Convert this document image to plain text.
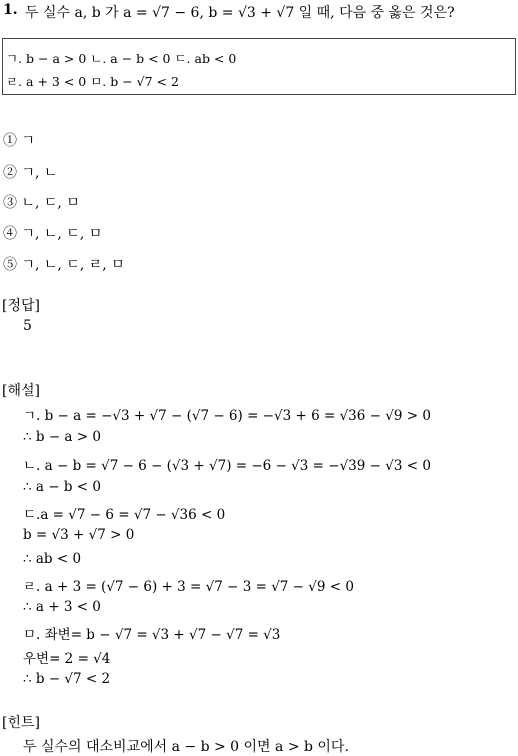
1. 두 실수 a, b 가 a = √7 − 6, b = √3 + √7 일 때, 다음 중 옳은 것은?
ㄱ. b − a > 0 ㄴ. a − b < 0 ㄷ. ab < 0
ㄹ. a + 3 < 0 ㅁ. b − √7 < 2
① ㄱ
② ㄱ, ㄴ
③ ㄴ, ㄷ, ㅁ
④ ㄱ, ㄴ, ㄷ, ㅁ
⑤ ㄱ, ㄴ, ㄷ, ㄹ, ㅁ
[정답]
5
[해설]
ㄱ. b − a = −√3 + √7 − (√7 − 6) = −√3 + 6 = √36 − √9 > 0
∴ b − a > 0
ㄴ. a − b = √7 − 6 − (√3 + √7) = −6 − √3 = −√39 − √3 < 0
∴ a − b < 0
ㄷ.a = √7 − 6 = √7 − √36 < 0
b = √3 + √7 > 0
∴ ab < 0
ㄹ. a + 3 = (√7 − 6) + 3 = √7 − 3 = √7 − √9 < 0
∴ a + 3 < 0
ㅁ. 좌변= b − √7 = √3 + √7 − √7 = √3
우변= 2 = √4
∴ b − √7 < 2
[힌트]
두 실수의 대소비교에서 a − b > 0 이면 a > b 이다.
